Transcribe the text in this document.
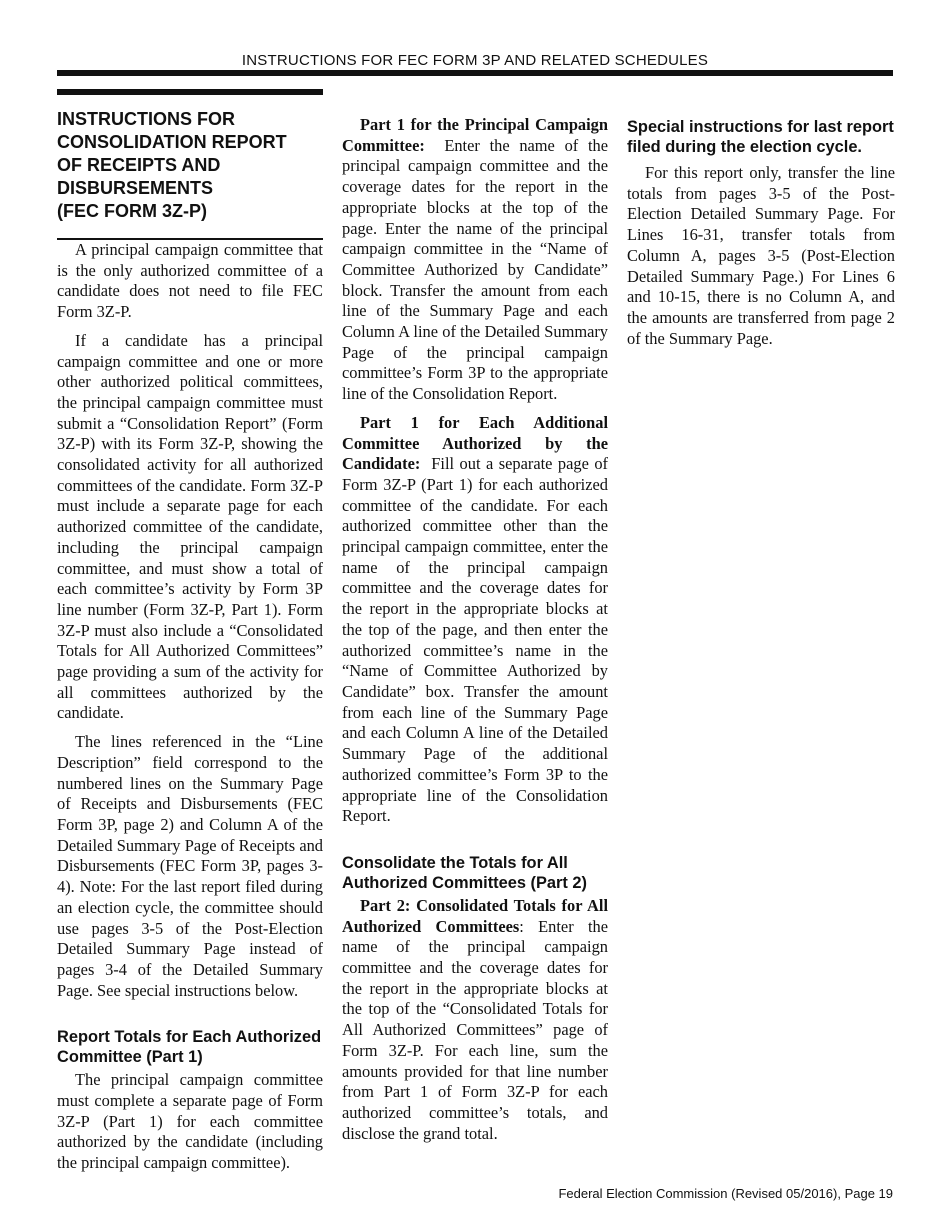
INSTRUCTIONS FOR FEC FORM 3P AND RELATED SCHEDULES
INSTRUCTIONS FOR
CONSOLIDATION REPORT
OF RECEIPTS AND
DISBURSEMENTS
(FEC FORM 3Z-P)

A principal campaign committee that is the only authorized committee of a candidate does not need to file FEC Form 3Z-P.

If a candidate has a principal campaign committee and one or more other authorized political committees, the principal campaign committee must submit a “Consolidation Report” (Form 3Z-P) with its Form 3Z-P, showing the consolidated activity for all authorized committees of the candidate. Form 3Z-P must include a separate page for each authorized committee of the candidate, including the principal campaign committee, and must show a total of each committee’s activity by Form 3P line number (Form 3Z-P, Part 1). Form 3Z-P must also include a “Consolidated Totals for All Authorized Committees” page providing a sum of the activity for all committees authorized by the candidate.

The lines referenced in the “Line Description” field correspond to the numbered lines on the Summary Page of Receipts and Disbursements (FEC Form 3P, page 2) and Column A of the Detailed Summary Page of Receipts and Disbursements (FEC Form 3P, pages 3-4). Note: For the last report filed during an election cycle, the committee should use pages 3-5 of the Post-Election Detailed Summary Page instead of pages 3-4 of the Detailed Summary Page. See special instructions below.

Report Totals for Each Authorized Committee (Part 1)

The principal campaign committee must complete a separate page of Form 3Z-P (Part 1) for each committee authorized by the candidate (including the principal campaign committee).

Part 1 for the Principal Campaign Committee: Enter the name of the principal campaign committee and the coverage dates for the report in the appropriate blocks at the top of the page. Enter the name of the principal campaign committee in the “Name of Committee Authorized by Candidate” block. Transfer the amount from each line of the Summary Page and each Column A line of the Detailed Summary Page of the principal campaign committee’s Form 3P to the appropriate line of the Consolidation Report.

Part 1 for Each Additional Committee Authorized by the Candidate: Fill out a separate page of Form 3Z-P (Part 1) for each authorized committee of the candidate. For each authorized committee other than the principal campaign committee, enter the name of the principal campaign committee and the coverage dates for the report in the appropriate blocks at the top of the page, and then enter the authorized committee’s name in the “Name of Committee Authorized by Candidate” box. Transfer the amount from each line of the Summary Page and each Column A line of the Detailed Summary Page of the additional authorized committee’s Form 3P to the appropriate line of the Consolidation Report.

Consolidate the Totals for All Authorized Committees (Part 2)

Part 2: Consolidated Totals for All Authorized Committees: Enter the name of the principal campaign committee and the coverage dates for the report in the appropriate blocks at the top of the “Consolidated Totals for All Authorized Committees” page of Form 3Z-P. For each line, sum the amounts provided for that line number from Part 1 of Form 3Z-P for each authorized committee’s totals, and disclose the grand total.

Special instructions for last report filed during the election cycle.

For this report only, transfer the line totals from pages 3-5 of the Post-Election Detailed Summary Page. For Lines 16-31, transfer totals from Column A, pages 3-5 (Post-Election Detailed Summary Page.) For Lines 6 and 10-15, there is no Column A, and the amounts are transferred from page 2 of the Summary Page.

Federal Election Commission (Revised 05/2016), Page 19
